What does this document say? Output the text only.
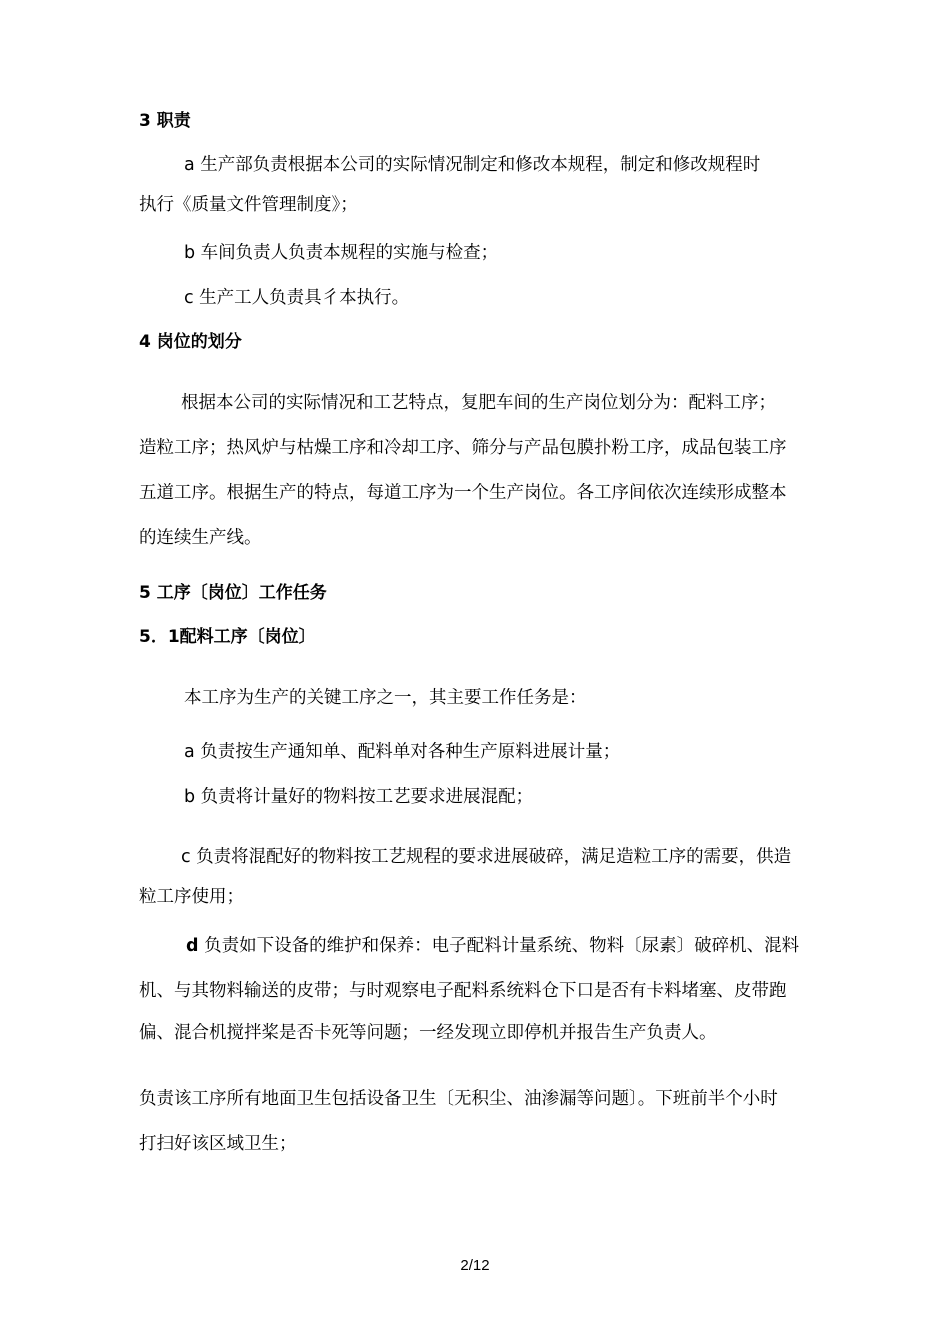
3 职责
a 生产部负责根据本公司的实际情况制定和修改本规程，制定和修改规程时
执行《质量文件管理制度》；
b 车间负责人负责本规程的实施与检查；
c 生产工人负责具彳本执行。
4 岗位的划分
根据本公司的实际情况和工艺特点，复肥车间的生产岗位划分为：配料工序；
造粒工序；热风炉与枯燥工序和冷却工序、筛分与产品包膜扑粉工序，成品包装工序
五道工序。根据生产的特点，每道工序为一个生产岗位。各工序间依次连续形成整本
的连续生产线。
5 工序〔岗位〕工作任务
5．1配料工序〔岗位〕
本工序为生产的关键工序之一，其主要工作任务是：
a 负责按生产通知单、配料单对各种生产原料进展计量；
b 负责将计量好的物料按工艺要求进展混配；
c 负责将混配好的物料按工艺规程的要求进展破碎，满足造粒工序的需要，供造
粒工序使用；
d 负责如下设备的维护和保养：电子配料计量系统、物料〔尿素〕破碎机、混料
机、与其物料输送的皮带；与时观察电子配料系统料仓下口是否有卡料堵塞、皮带跑
偏、混合机搅拌桨是否卡死等问题；一经发现立即停机并报告生产负责人。
负责该工序所有地面卫生包括设备卫生〔无积尘、油渗漏等问题〕。下班前半个小时
打扫好该区域卫生；
2/12
